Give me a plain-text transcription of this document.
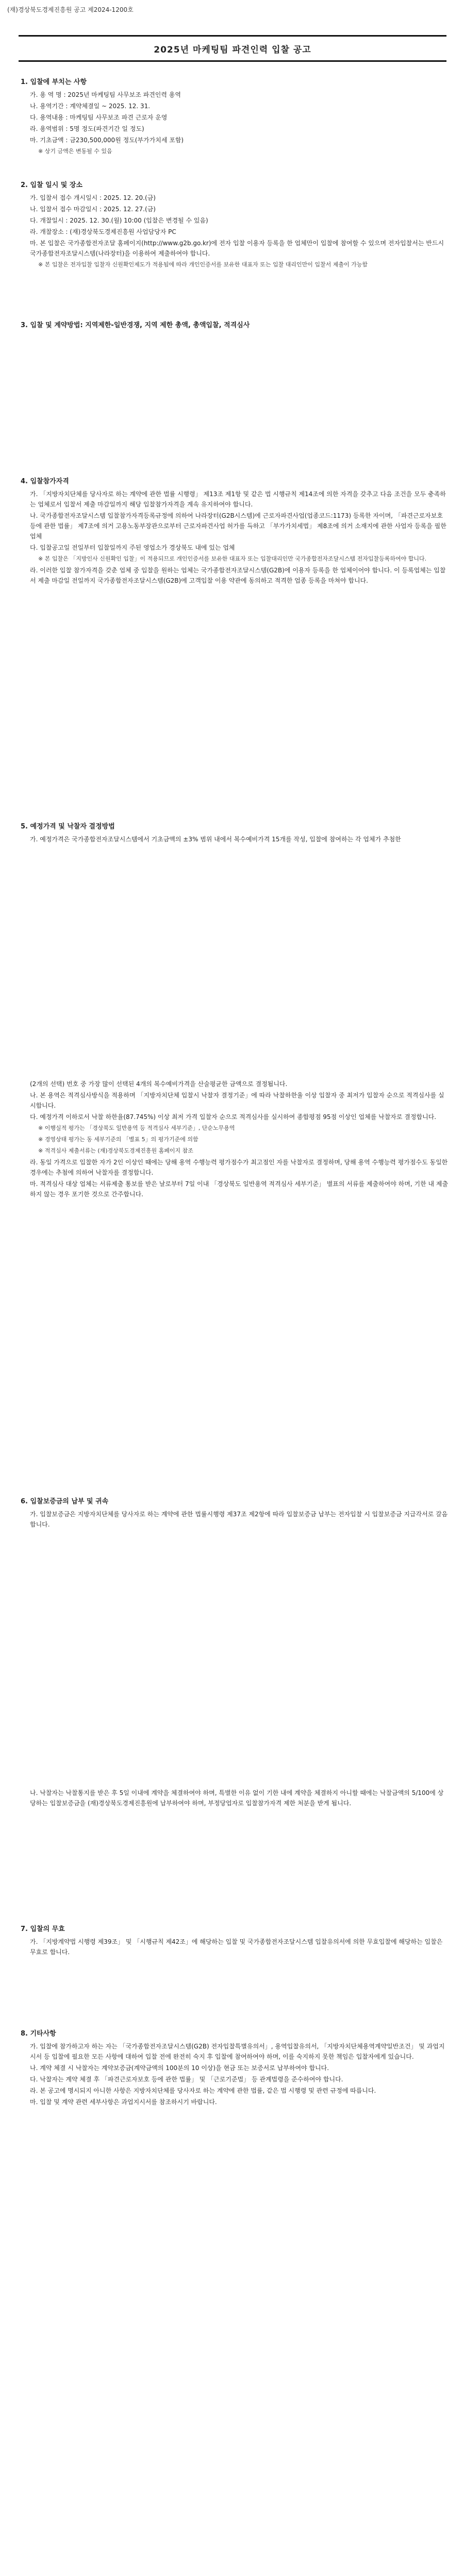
(재)경상북도경제진흥원 공고 제2024-1200호
2025년 마케팅팀 파견인력 입찰 공고
1. 입찰에 부치는 사항
가. 용 역 명 : 2025년 마케팅팀 사무보조 파견인력 용역
나. 용역기간 : 계약체결일 ~ 2025. 12. 31.
다. 용역내용 : 마케팅팀 사무보조 파견 근로자 운영
라. 용역범위 : 5명 정도(파견기간 일 정도)
마. 기초금액 : 금230,500,000원 정도(부가가치세 포함)
※ 상기 금액은 변동될 수 있음
2. 입찰 일시 및 장소
가. 입찰서 접수 개시일시 : 2025. 12. 20.(금)
나. 입찰서 접수 마감일시 : 2025. 12. 27.(금)
다. 개찰일시 : 2025. 12. 30.(월) 10:00 (입찰은 변경될 수 있음)
라. 개찰장소 : (재)경상북도경제진흥원 사업담당자 PC
마. 본 입찰은 국가종합전자조달 홈페이지(http://www.g2b.go.kr)에 전자 입찰 이용자 등록을 한 업체만이 입찰에 참여할 수 있으며 전자입찰서는 반드시 국가종합전자조달시스템(나라장터)을 이용하여 제출하여야 합니다.
※ 본 입찰은 전자입찰 입찰자 신원확인제도가 적용됨에 따라 개인인증서를 보유한 대표자 또는 입찰 대리인만이 입찰서 제출이 가능함
3. 입찰 및 계약방법: 지역제한-일반경쟁, 지역 제한 총액, 총액입찰, 적격심사
4. 입찰참가자격
가. 「지방자치단체를 당사자로 하는 계약에 관한 법률 시행령」 제13조 제1항 및 같은 법 시행규칙 제14조에 의한 자격을 갖추고 다음 조건을 모두 충족하는 업체로서 입찰서 제출 마감일까지 해당 입찰참가자격을 계속 유지하여야 합니다.
나. 국가종합전자조달시스템 입찰참가자격등록규정에 의하여 나라장터(G2B시스템)에 근로자파견사업(업종코드:1173) 등록한 자이며, 「파견근로자보호 등에 관한 법률」 제7조에 의거 고용노동부장관으로부터 근로자파견사업 허가를 득하고 「부가가치세법」 제8조에 의거 소재지에 관한 사업자 등록을 필한 업체
다. 입찰공고일 전일부터 입찰일까지 주된 영업소가 경상북도 내에 있는 업체
※ 본 입찰은 「지방인사 신원확인 입찰」이 적용되므로 개인인증서를 보유한 대표자 또는 입찰대리인만 국가종합전자조달시스템 전자입찰등록하여야 합니다.
라. 이러한 입찰 참가자격을 갖춘 업체 중 입찰을 원하는 업체는 국가종합전자조달시스템(G2B)에 이용자 등록을 한 업체이어야 합니다. 이 등록업체는 입찰서 제출 마감일 전일까지 국가종합전자조달시스템(G2B)에 고객입찰 이용 약관에 동의하고 적격한 업종 등록을 마쳐야 합니다.
5. 예정가격 및 낙찰자 결정방법
가. 예정가격은 국가종합전자조달시스템에서 기초금액의 ±3% 범위 내에서 복수예비가격 15개를 작성, 입찰에 참여하는 각 업체가 추첨한
(2개의 선택) 번호 중 가장 많이 선택된 4개의 복수예비가격을 산술평균한 금액으로 결정됩니다.
나. 본 용역은 적격심사방식을 적용하며 「지방자치단체 입찰시 낙찰자 결정기준」에 따라 낙찰하한율 이상 입찰자 중 최저가 입찰자 순으로 적격심사를 실시합니다.
다. 예정가격 이하로서 낙찰 하한율(87.745%) 이상 최저 가격 입찰자 순으로 적격심사를 실시하여 종합평점 95점 이상인 업체를 낙찰자로 결정합니다.
※ 이행실적 평가는 「경상북도 일반용역 등 적격심사 세부기준」, 단순노무용역
※ 경영상태 평가는 동 세부기준의 「별표 5」의 평가기준에 의함
※ 적격심사 제출서류는 (재)경상북도경제진흥원 홈페이지 참조
라. 동일 가격으로 입찰한 자가 2인 이상인 때에는 당해 용역 수행능력 평가점수가 최고점인 자를 낙찰자로 결정하며, 당해 용역 수행능력 평가점수도 동일한 경우에는 추첨에 의하여 낙찰자를 결정합니다.
마. 적격심사 대상 업체는 서류제출 통보를 받은 날로부터 7일 이내 「경상북도 일반용역 적격심사 세부기준」 별표의 서류를 제출하여야 하며, 기한 내 제출하지 않는 경우 포기한 것으로 간주합니다.
6. 입찰보증금의 납부 및 귀속
가. 입찰보증금은 지방자치단체를 당사자로 하는 계약에 관한 법률시행령 제37조 제2항에 따라 입찰보증금 납부는 전자입찰 시 입찰보증금 지급각서로 갈음합니다.
나. 낙찰자는 낙찰통지를 받은 후 5일 이내에 계약을 체결하여야 하며, 특별한 이유 없이 기한 내에 계약을 체결하지 아니할 때에는 낙찰금액의 5/100에 상당하는 입찰보증금을 (재)경상북도경제진흥원에 납부하여야 하며, 부정당업자로 입찰참가자격 제한 처분을 받게 됩니다.
7. 입찰의 무효
가. 「지방계약법 시행령 제39조」 및 「시행규칙 제42조」에 해당하는 입찰 및 국가종합전자조달시스템 입찰유의서에 의한 무효입찰에 해당하는 입찰은 무효로 합니다.
8. 기타사항
가. 입찰에 참가하고자 하는 자는 「국가종합전자조달시스템(G2B) 전자입찰특별유의서」, 용역입찰유의서, 「지방자치단체용역계약일반조건」 및 과업지시서 등 입찰에 필요한 모든 사항에 대하여 입찰 전에 완전히 숙지 후 입찰에 참여하여야 하며, 이를 숙지하지 못한 책임은 입찰자에게 있습니다.
나. 계약 체결 시 낙찰자는 계약보증금(계약금액의 100분의 10 이상)을 현금 또는 보증서로 납부하여야 합니다.
다. 낙찰자는 계약 체결 후 「파견근로자보호 등에 관한 법률」 및 「근로기준법」 등 관계법령을 준수하여야 합니다.
라. 본 공고에 명시되지 아니한 사항은 지방자치단체를 당사자로 하는 계약에 관한 법률, 같은 법 시행령 및 관련 규정에 따릅니다.
마. 입찰 및 계약 관련 세부사항은 과업지시서를 참조하시기 바랍니다.
